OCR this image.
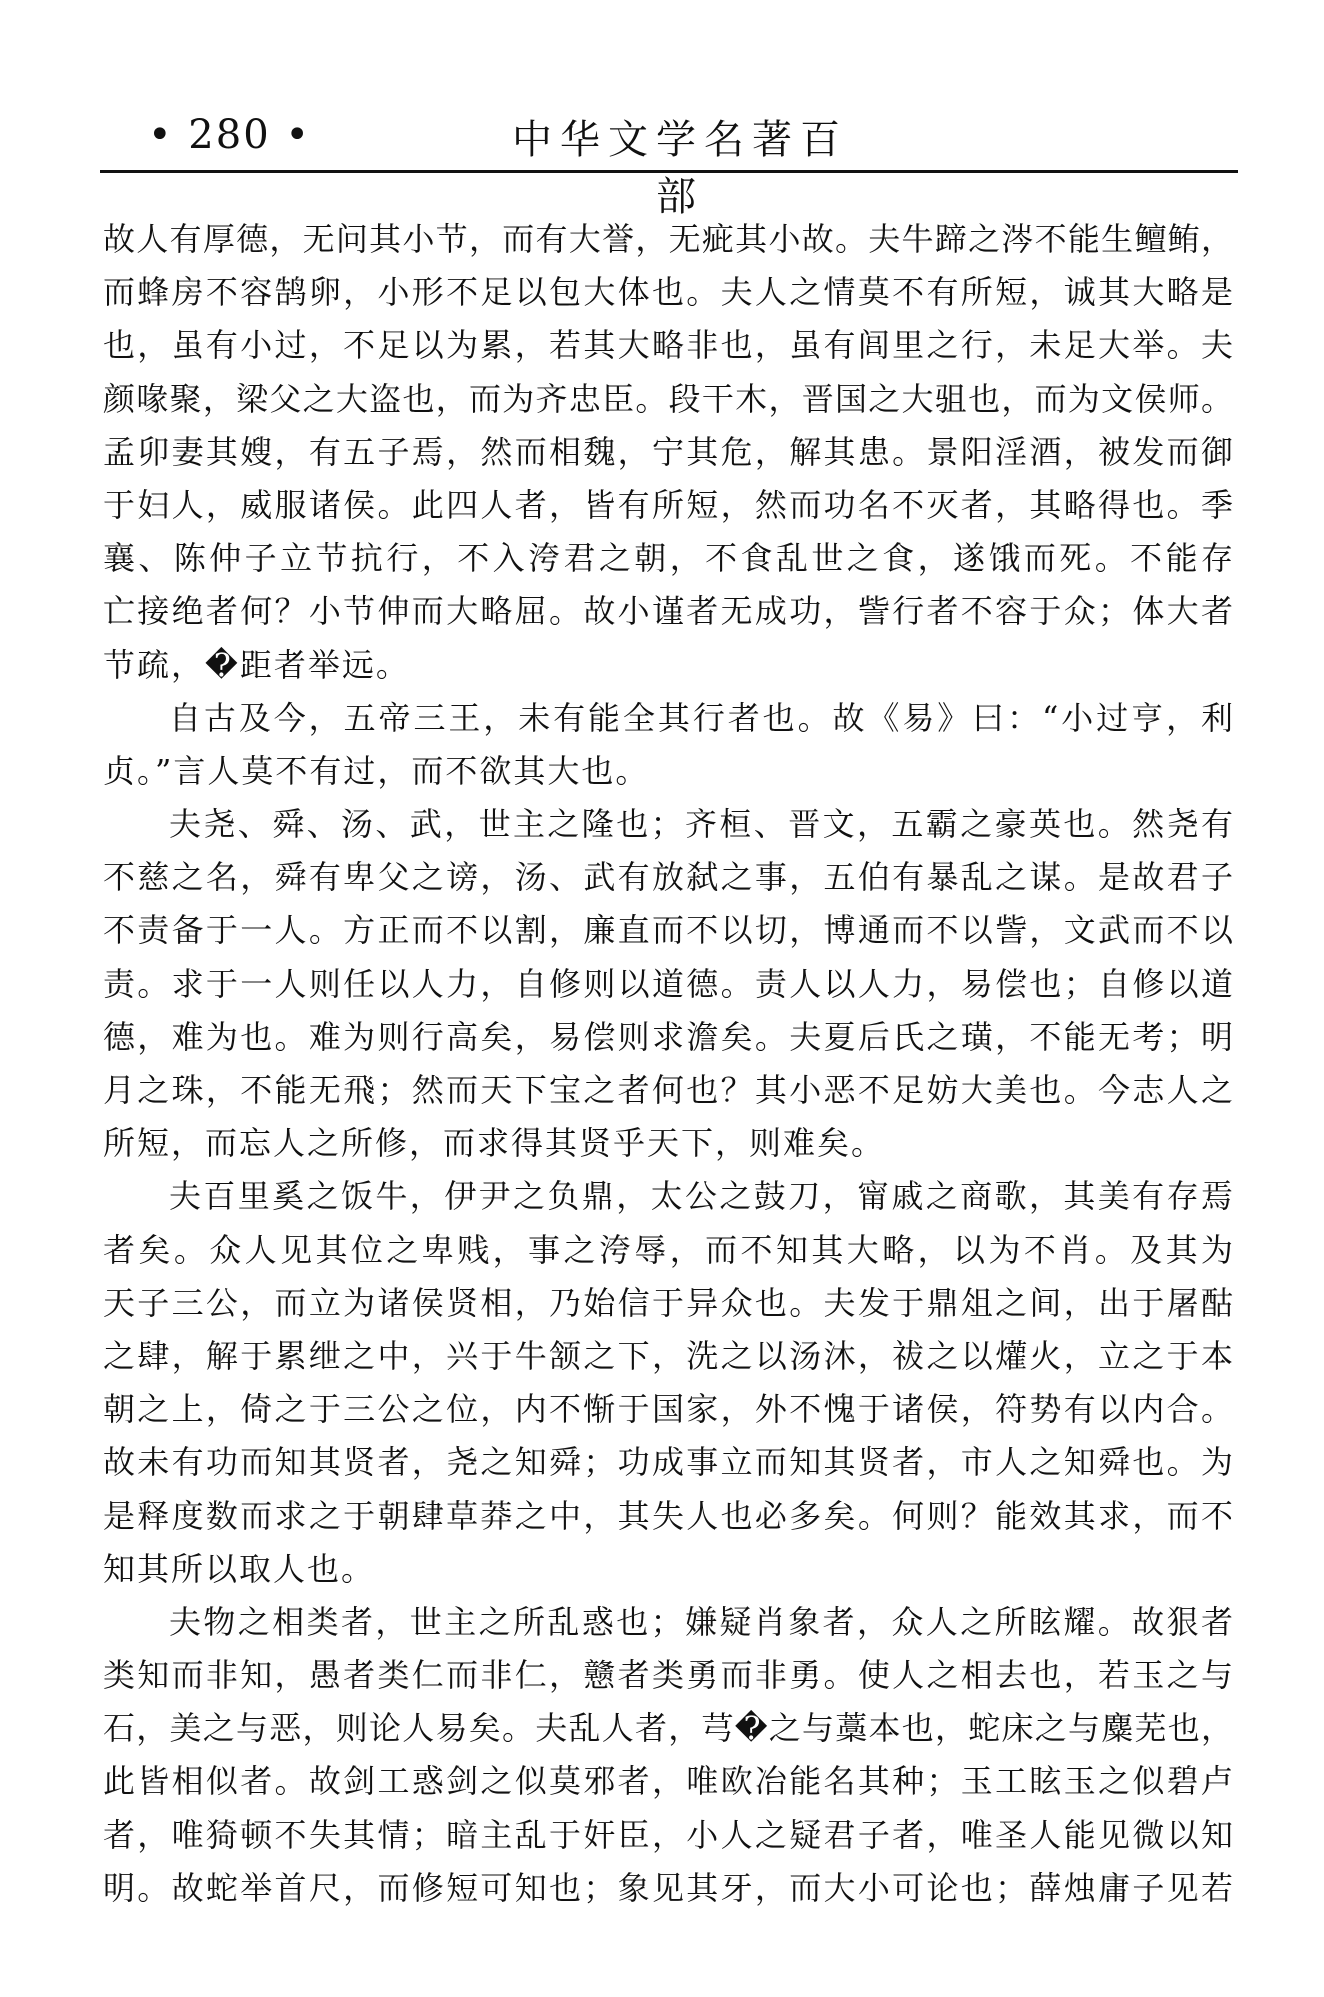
• 280 •	中华文学名著百部
故人有厚德，无问其小节，而有大誉，无疵其小故。夫牛蹄之涔不能生鳣鲔，
而蜂房不容鹄卵，小形不足以包大体也。夫人之情莫不有所短，诚其大略是
也，虽有小过，不足以为累，若其大略非也，虽有闾里之行，未足大举。夫
颜喙聚，梁父之大盗也，而为齐忠臣。段干木，晋国之大驵也，而为文侯师。
孟卯妻其嫂，有五子焉，然而相魏，宁其危，解其患。景阳淫酒，被发而御
于妇人，威服诸侯。此四人者，皆有所短，然而功名不灭者，其略得也。季
襄、陈仲子立节抗行，不入洿君之朝，不食乱世之食，遂饿而死。不能存
亡接绝者何？小节伸而大略屈。故小谨者无成功，訾行者不容于众；体大者
节疏，�距者举远。
自古及今，五帝三王，未有能全其行者也。故《易》曰：“小过亨，利
贞。”言人莫不有过，而不欲其大也。
夫尧、舜、汤、武，世主之隆也；齐桓、晋文，五霸之豪英也。然尧有
不慈之名，舜有卑父之谤，汤、武有放弑之事，五伯有暴乱之谋。是故君子
不责备于一人。方正而不以割，廉直而不以切，博通而不以訾，文武而不以
责。求于一人则任以人力，自修则以道德。责人以人力，易偿也；自修以道
德，难为也。难为则行高矣，易偿则求澹矣。夫夏后氏之璜，不能无考；明
月之珠，不能无飛；然而天下宝之者何也？其小恶不足妨大美也。今志人之
所短，而忘人之所修，而求得其贤乎天下，则难矣。
夫百里奚之饭牛，伊尹之负鼎，太公之鼓刀，甯戚之商歌，其美有存焉
者矣。众人见其位之卑贱，事之洿辱，而不知其大略，以为不肖。及其为
天子三公，而立为诸侯贤相，乃始信于异众也。夫发于鼎俎之间，出于屠酤
之肆，解于累绁之中，兴于牛颔之下，洗之以汤沐，祓之以爟火，立之于本
朝之上，倚之于三公之位，内不惭于国家，外不愧于诸侯，符势有以内合。
故未有功而知其贤者，尧之知舜；功成事立而知其贤者，市人之知舜也。为
是释度数而求之于朝肆草莽之中，其失人也必多矣。何则？能效其求，而不
知其所以取人也。
夫物之相类者，世主之所乱惑也；嫌疑肖象者，众人之所眩耀。故狠者
类知而非知，愚者类仁而非仁，戆者类勇而非勇。使人之相去也，若玉之与
石，美之与恶，则论人易矣。夫乱人者，芎�之与藁本也，蛇床之与麋芜也，
此皆相似者。故剑工惑剑之似莫邪者，唯欧冶能名其种；玉工眩玉之似碧卢
者，唯猗顿不失其情；暗主乱于奸臣，小人之疑君子者，唯圣人能见微以知
明。故蛇举首尺，而修短可知也；象见其牙，而大小可论也；薛烛庸子见若
